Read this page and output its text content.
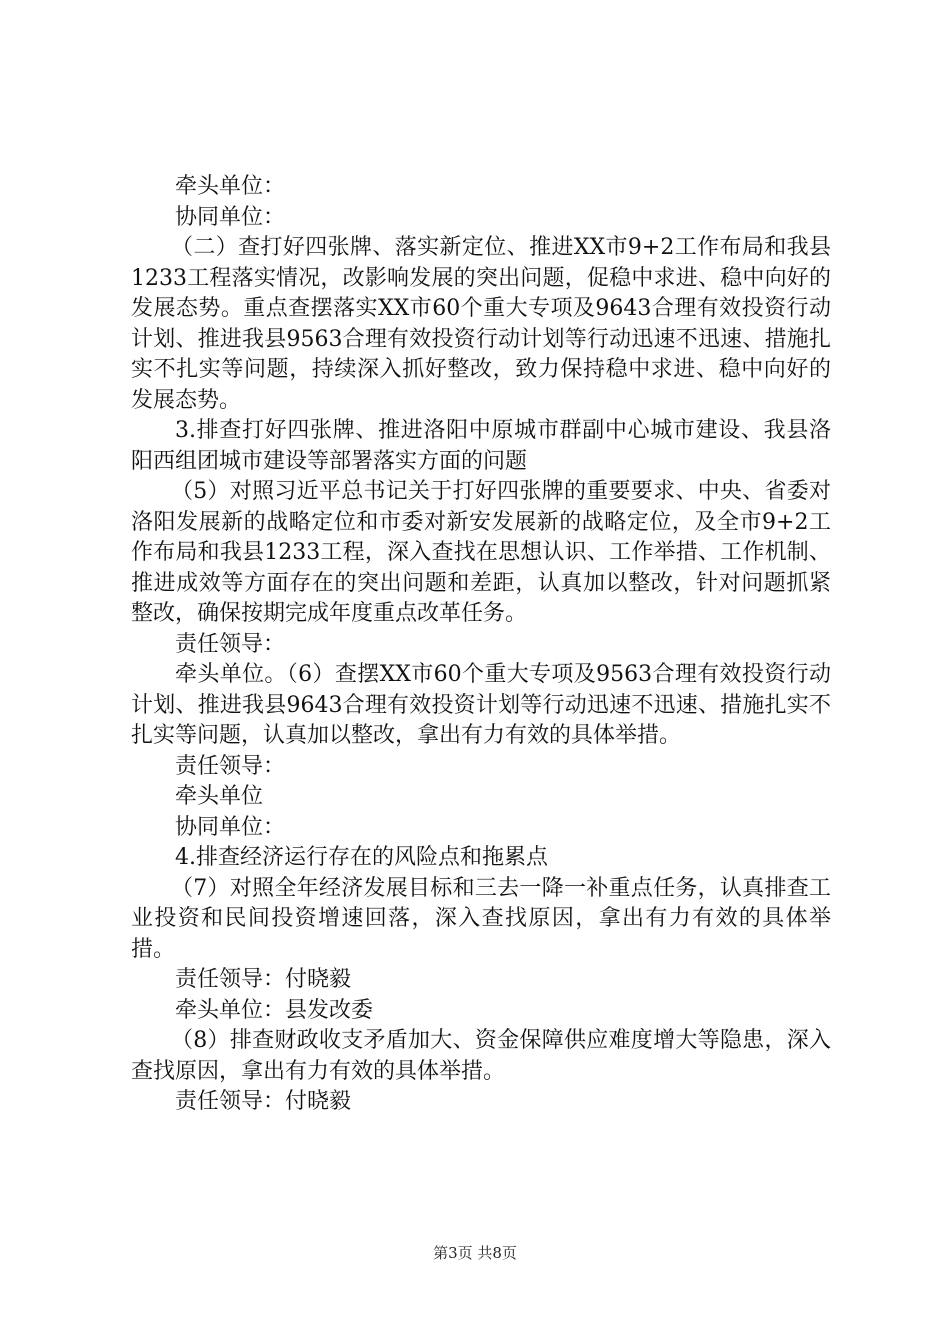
牵头单位：

协同单位：

（二）查打好四张牌、落实新定位、推进XX市9+2工作布局和我县1233工程落实情况，改影响发展的突出问题，促稳中求进、稳中向好的发展态势。重点查摆落实XX市60个重大专项及9643合理有效投资行动计划、推进我县9563合理有效投资行动计划等行动迅速不迅速、措施扎实不扎实等问题，持续深入抓好整改，致力保持稳中求进、稳中向好的发展态势。

3.排查打好四张牌、推进洛阳中原城市群副中心城市建设、我县洛阳西组团城市建设等部署落实方面的问题

（5）对照习近平总书记关于打好四张牌的重要要求、中央、省委对洛阳发展新的战略定位和市委对新安发展新的战略定位，及全市9+2工作布局和我县1233工程，深入查找在思想认识、工作举措、工作机制、推进成效等方面存在的突出问题和差距，认真加以整改，针对问题抓紧整改，确保按期完成年度重点改革任务。

责任领导：

牵头单位。（6）查摆XX市60个重大专项及9563合理有效投资行动计划、推进我县9643合理有效投资计划等行动迅速不迅速、措施扎实不扎实等问题，认真加以整改，拿出有力有效的具体举措。

责任领导：

牵头单位

协同单位：

4.排查经济运行存在的风险点和拖累点

（7）对照全年经济发展目标和三去一降一补重点任务，认真排查工业投资和民间投资增速回落，深入查找原因，拿出有力有效的具体举措。

责任领导：付晓毅

牵头单位：县发改委

（8）排查财政收支矛盾加大、资金保障供应难度增大等隐患，深入查找原因，拿出有力有效的具体举措。

责任领导：付晓毅

第3页 共8页
